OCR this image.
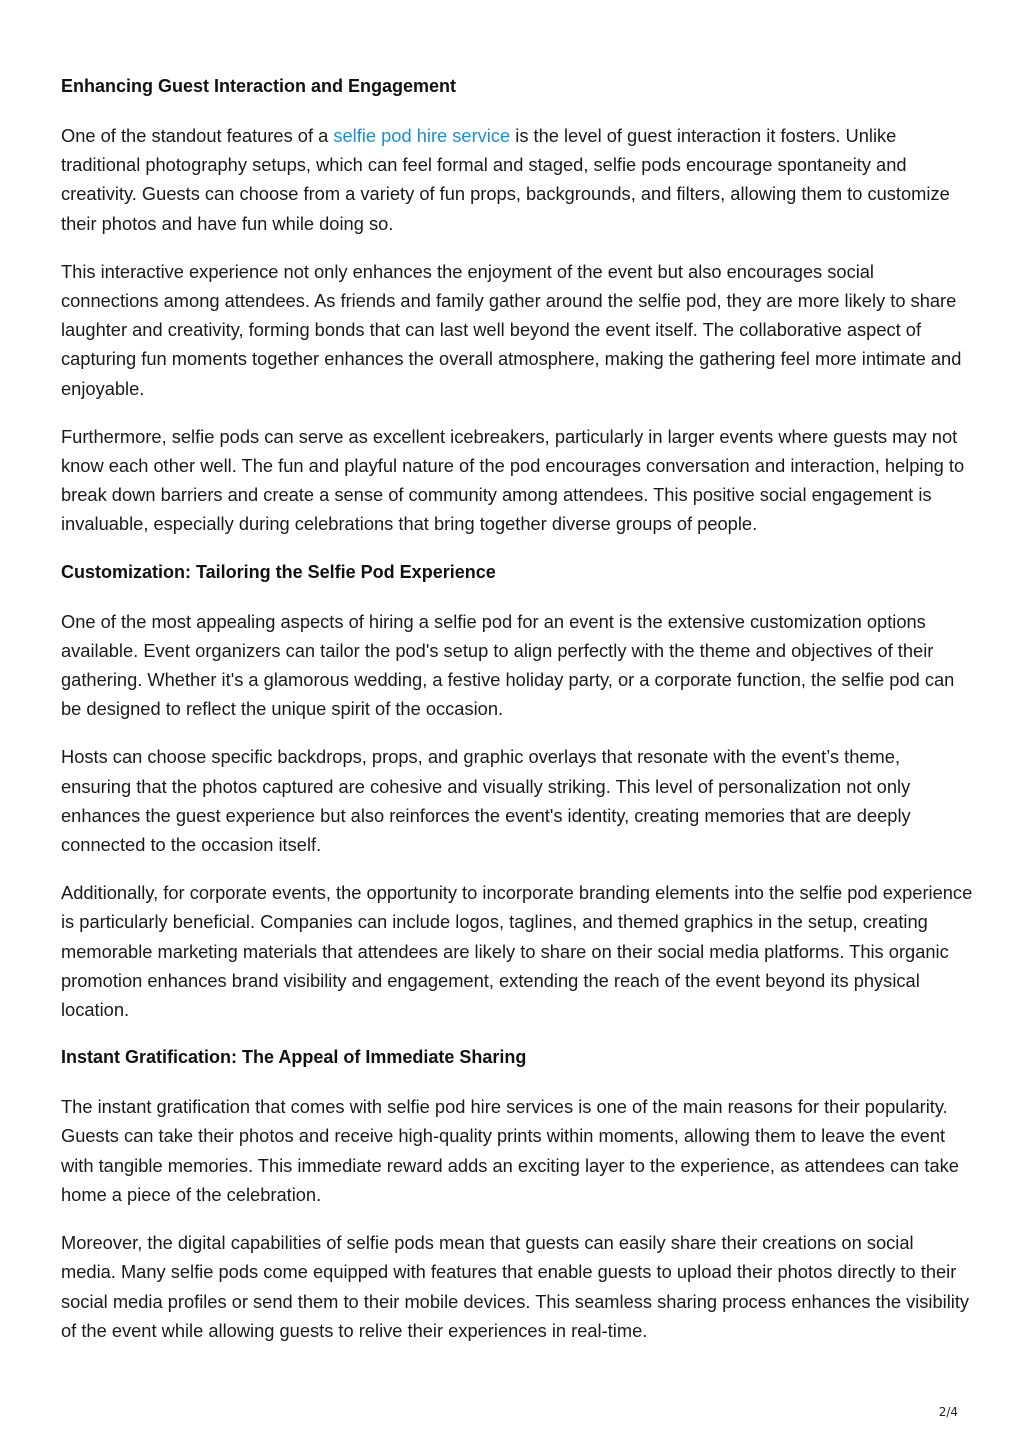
Enhancing Guest Interaction and Engagement

One of the standout features of a selfie pod hire service is the level of guest interaction it fosters. Unlike traditional photography setups, which can feel formal and staged, selfie pods encourage spontaneity and creativity. Guests can choose from a variety of fun props, backgrounds, and filters, allowing them to customize their photos and have fun while doing so.

This interactive experience not only enhances the enjoyment of the event but also encourages social connections among attendees. As friends and family gather around the selfie pod, they are more likely to share laughter and creativity, forming bonds that can last well beyond the event itself. The collaborative aspect of capturing fun moments together enhances the overall atmosphere, making the gathering feel more intimate and enjoyable.

Furthermore, selfie pods can serve as excellent icebreakers, particularly in larger events where guests may not know each other well. The fun and playful nature of the pod encourages conversation and interaction, helping to break down barriers and create a sense of community among attendees. This positive social engagement is invaluable, especially during celebrations that bring together diverse groups of people.

Customization: Tailoring the Selfie Pod Experience

One of the most appealing aspects of hiring a selfie pod for an event is the extensive customization options available. Event organizers can tailor the pod's setup to align perfectly with the theme and objectives of their gathering. Whether it's a glamorous wedding, a festive holiday party, or a corporate function, the selfie pod can be designed to reflect the unique spirit of the occasion.

Hosts can choose specific backdrops, props, and graphic overlays that resonate with the event’s theme, ensuring that the photos captured are cohesive and visually striking. This level of personalization not only enhances the guest experience but also reinforces the event's identity, creating memories that are deeply connected to the occasion itself.

Additionally, for corporate events, the opportunity to incorporate branding elements into the selfie pod experience is particularly beneficial. Companies can include logos, taglines, and themed graphics in the setup, creating memorable marketing materials that attendees are likely to share on their social media platforms. This organic promotion enhances brand visibility and engagement, extending the reach of the event beyond its physical location.

Instant Gratification: The Appeal of Immediate Sharing

The instant gratification that comes with selfie pod hire services is one of the main reasons for their popularity. Guests can take their photos and receive high-quality prints within moments, allowing them to leave the event with tangible memories. This immediate reward adds an exciting layer to the experience, as attendees can take home a piece of the celebration.

Moreover, the digital capabilities of selfie pods mean that guests can easily share their creations on social media. Many selfie pods come equipped with features that enable guests to upload their photos directly to their social media profiles or send them to their mobile devices. This seamless sharing process enhances the visibility of the event while allowing guests to relive their experiences in real-time.

2/4
